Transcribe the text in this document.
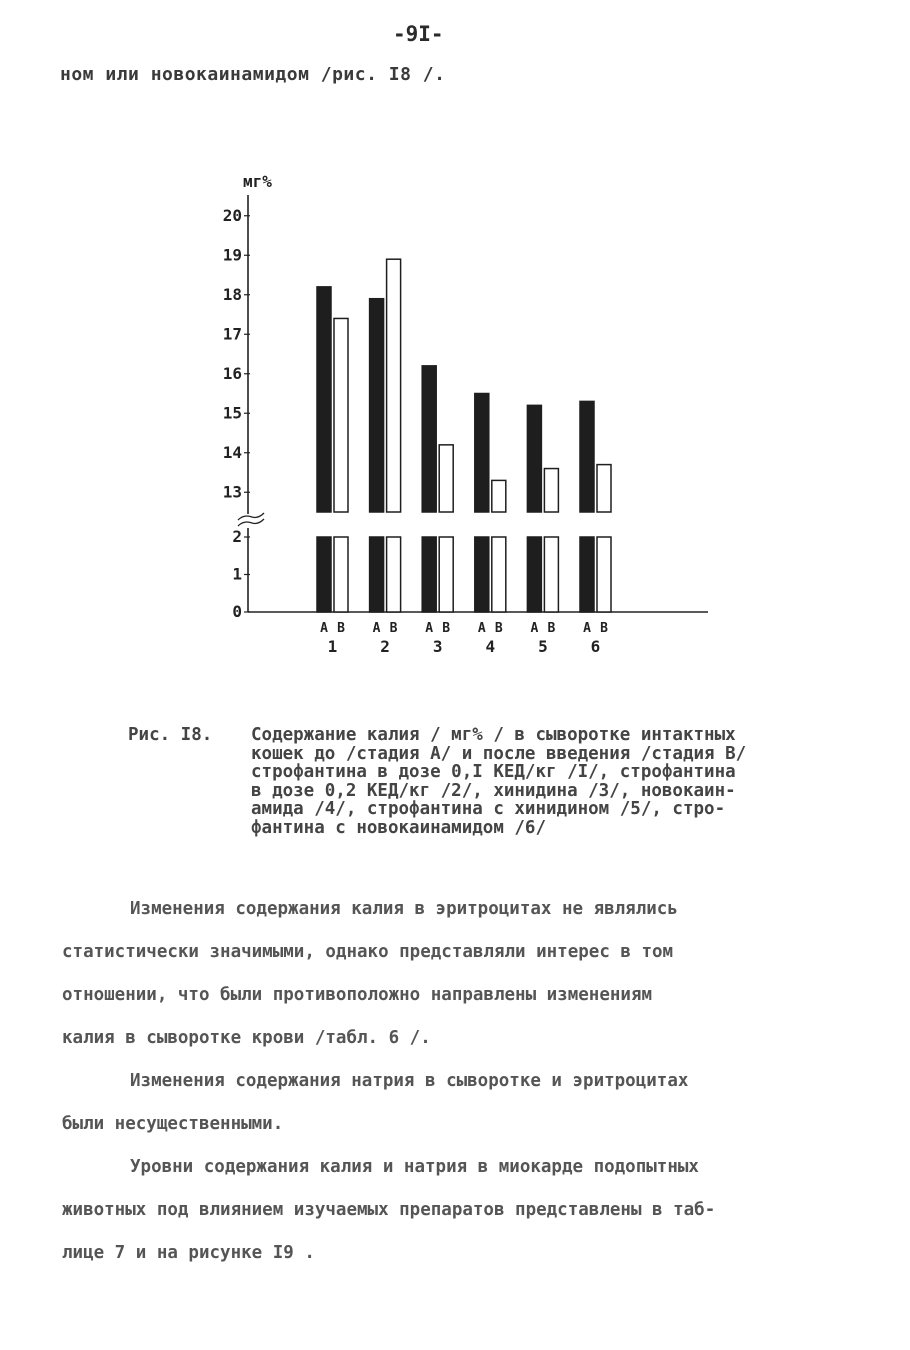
-9I-
ном или новокаинамидом /рис. I8 /.
0
1
2
13
14
15
16
17
18
19
20
A B
1
A B
2
A B
3
A B
4
A B
5
A B
6
мг%
Рис. I8. Содержание калия / мг% / в сыворотке интактных
кошек до /стадия А/ и после введения /стадия В/
строфантина в дозе 0,I КЕД/кг /I/, строфантина
в дозе 0,2 КЕД/кг /2/, хинидина /3/, новокаин-
амида /4/, строфантина с хинидином /5/, стро-
фантина с новокаинамидом /6/
Изменения содержания калия в эритроцитах не являлись
статистически значимыми, однако представляли интерес в том
отношении, что были противоположно направлены изменениям
калия в сыворотке крови /табл. 6 /.
Изменения содержания натрия в сыворотке и эритроцитах
были несущественными.
Уровни содержания калия и натрия в миокарде подопытных
животных под влиянием изучаемых препаратов представлены в таб-
лице 7 и на рисунке I9 .
